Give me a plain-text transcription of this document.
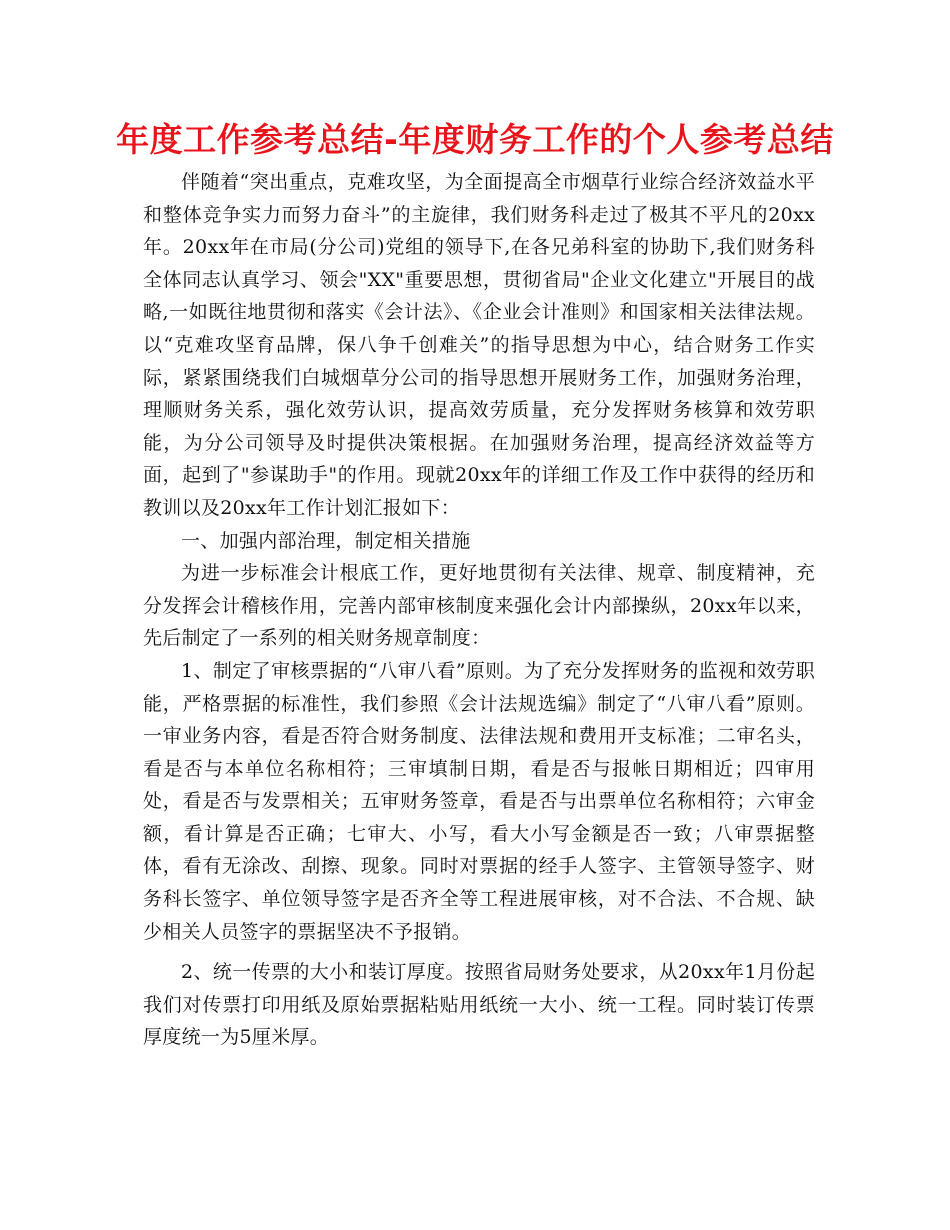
年度工作参考总结-年度财务工作的个人参考总结

伴随着“突出重点，克难攻坚，为全面提高全市烟草行业综合经济效益水平和整体竞争实力而努力奋斗”的主旋律，我们财务科走过了极其不平凡的20xx年。20xx年在市局(分公司)党组的领导下,在各兄弟科室的协助下,我们财务科全体同志认真学习、领会"XX"重要思想，贯彻省局"企业文化建立"开展目的战略,一如既往地贯彻和落实《会计法》、《企业会计准则》和国家相关法律法规。以“克难攻坚育品牌，保八争千创难关”的指导思想为中心，结合财务工作实际，紧紧围绕我们白城烟草分公司的指导思想开展财务工作，加强财务治理，理顺财务关系，强化效劳认识，提高效劳质量，充分发挥财务核算和效劳职能，为分公司领导及时提供决策根据。在加强财务治理，提高经济效益等方面，起到了"参谋助手"的作用。现就20xx年的详细工作及工作中获得的经历和教训以及20xx年工作计划汇报如下：

一、加强内部治理，制定相关措施

为进一步标准会计根底工作，更好地贯彻有关法律、规章、制度精神，充分发挥会计稽核作用，完善内部审核制度来强化会计内部操纵，20xx年以来，先后制定了一系列的相关财务规章制度：

1、制定了审核票据的“八审八看”原则。为了充分发挥财务的监视和效劳职能，严格票据的标准性，我们参照《会计法规选编》制定了“八审八看”原则。一审业务内容，看是否符合财务制度、法律法规和费用开支标准；二审名头，看是否与本单位名称相符；三审填制日期，看是否与报帐日期相近；四审用处，看是否与发票相关；五审财务签章，看是否与出票单位名称相符；六审金额，看计算是否正确；七审大、小写，看大小写金额是否一致；八审票据整体，看有无涂改、刮擦、现象。同时对票据的经手人签字、主管领导签字、财务科长签字、单位领导签字是否齐全等工程进展审核，对不合法、不合规、缺少相关人员签字的票据坚决不予报销。

2、统一传票的大小和装订厚度。按照省局财务处要求，从20xx年1月份起我们对传票打印用纸及原始票据粘贴用纸统一大小、统一工程。同时装订传票厚度统一为5厘米厚。
